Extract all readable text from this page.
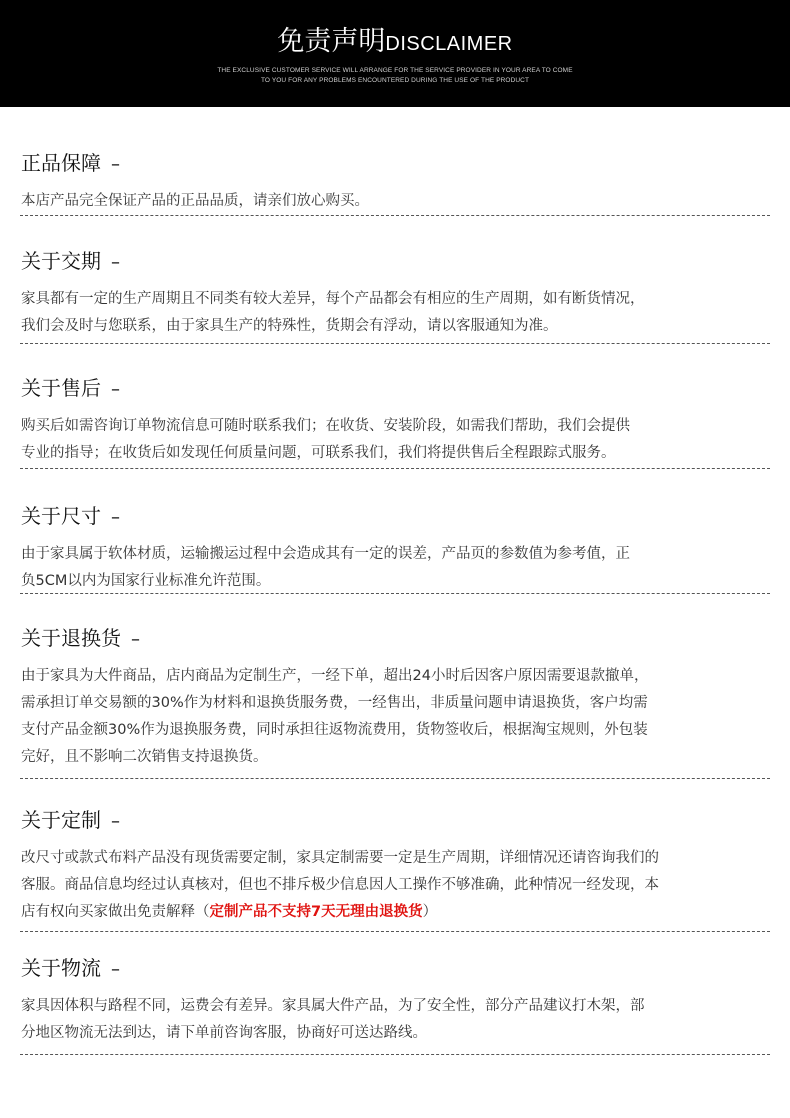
免责声明DISCLAIMER
THE EXCLUSIVE CUSTOMER SERVICE WILL ARRANGE FOR THE SERVICE PROVIDER IN YOUR AREA TO COME
TO YOU FOR ANY PROBLEMS ENCOUNTERED DURING THE USE OF THE PRODUCT
正品保障 –

本店产品完全保证产品的正品品质，请亲们放心购买。

关于交期 –

家具都有一定的生产周期且不同类有较大差异，每个产品都会有相应的生产周期，如有断货情况，
我们会及时与您联系，由于家具生产的特殊性，货期会有浮动，请以客服通知为准。

关于售后 –

购买后如需咨询订单物流信息可随时联系我们；在收货、安装阶段，如需我们帮助，我们会提供
专业的指导；在收货后如发现任何质量问题，可联系我们，我们将提供售后全程跟踪式服务。

关于尺寸 –

由于家具属于软体材质，运输搬运过程中会造成其有一定的误差，产品页的参数值为参考值，正
负5CM以内为国家行业标准允许范围。

关于退换货 –

由于家具为大件商品，店内商品为定制生产，一经下单，超出24小时后因客户原因需要退款撤单，
需承担订单交易额的30%作为材料和退换货服务费，一经售出，非质量问题申请退换货，客户均需
支付产品金额30%作为退换服务费，同时承担往返物流费用，货物签收后，根据淘宝规则，外包装
完好，且不影响二次销售支持退换货。

关于定制 –

改尺寸或款式布料产品没有现货需要定制，家具定制需要一定是生产周期，详细情况还请咨询我们的
客服。商品信息均经过认真核对，但也不排斥极少信息因人工操作不够准确，此种情况一经发现，本
店有权向买家做出免责解释（定制产品不支持7天无理由退换货）

关于物流 –

家具因体积与路程不同，运费会有差异。家具属大件产品，为了安全性，部分产品建议打木架，部
分地区物流无法到达，请下单前咨询客服，协商好可送达路线。
